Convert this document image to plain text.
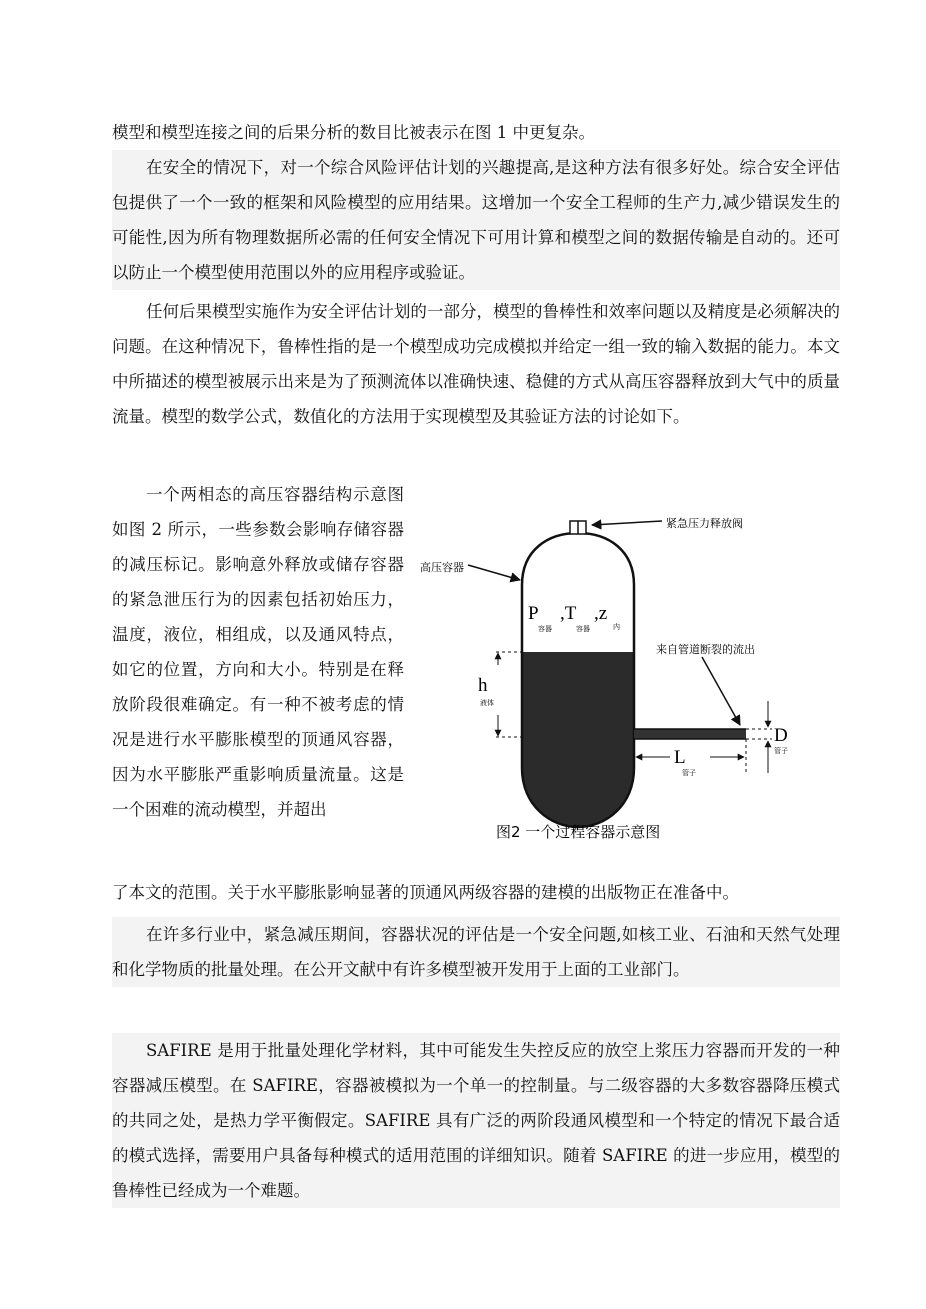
模型和模型连接之间的后果分析的数目比被表示在图 1 中更复杂。

在安全的情况下，对一个综合风险评估计划的兴趣提高,是这种方法有很多好处。综合安全评估包提供了一个一致的框架和风险模型的应用结果。这增加一个安全工程师的生产力,减少错误发生的可能性,因为所有物理数据所必需的任何安全情况下可用计算和模型之间的数据传输是自动的。还可以防止一个模型使用范围以外的应用程序或验证。

任何后果模型实施作为安全评估计划的一部分，模型的鲁棒性和效率问题以及精度是必须解决的问题。在这种情况下，鲁棒性指的是一个模型成功完成模拟并给定一组一致的输入数据的能力。本文中所描述的模型被展示出来是为了预测流体以准确快速、稳健的方式从高压容器释放到大气中的质量流量。模型的数学公式，数值化的方法用于实现模型及其验证方法的讨论如下。

一个两相态的高压容器结构示意图如图 2 所示，一些参数会影响存储容器的减压标记。影响意外释放或储存容器的紧急泄压行为的因素包括初始压力，温度，液位，相组成，以及通风特点，如它的位置，方向和大小。特别是在释放阶段很难确定。有一种不被考虑的情况是进行水平膨胀模型的顶通风容器，因为水平膨胀严重影响质量流量。这是一个困难的流动模型，并超出

了本文的范围。关于水平膨胀影响显著的顶通风两级容器的建模的出版物正在准备中。

在许多行业中，紧急减压期间，容器状况的评估是一个安全问题,如核工业、石油和天然气处理和化学物质的批量处理。在公开文献中有许多模型被开发用于上面的工业部门。

SAFIRE 是用于批量处理化学材料，其中可能发生失控反应的放空上浆压力容器而开发的一种容器减压模型。在 SAFIRE，容器被模拟为一个单一的控制量。与二级容器的大多数容器降压模式的共同之处，是热力学平衡假定。SAFIRE 具有广泛的两阶段通风模型和一个特定的情况下最合适的模式选择，需要用户具备每种模式的适用范围的详细知识。随着 SAFIRE 的进一步应用，模型的鲁棒性已经成为一个难题。

紧急压力释放阀
高压容器
来自管道断裂的流出
P
容器
,T
容器
,z
内
h
液体
L
管子
D
管子
图2 一个过程容器示意图
